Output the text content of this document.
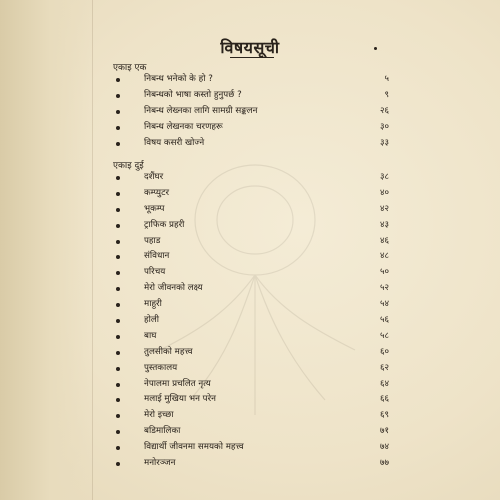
विषयसूची
एकाइ एक
निबन्ध भनेको के हो ?	५
निबन्धको भाषा कस्तो हुनुपर्छ ?	९
निबन्ध लेख्नका लागि सामग्री सङ्कलन	२६
निबन्ध लेखनका चरणहरू	३०
विषय कसरी खोज्ने	३३
एकाइ दुई
दशैंघर	३८
कम्प्युटर	४०
भूकम्प	४२
ट्राफिक प्रहरी	४३
पहाड	४६
संविधान	४८
परिचय	५०
मेरो जीवनको लक्ष्य	५२
माहुरी	५४
होली	५६
बाघ	५८
तुलसीको महत्त्व	६०
पुस्तकालय	६२
नेपालमा प्रचलित नृत्य	६४
मलाई मुखिया भन परेन	६६
मेरो इच्छा	६९
बडिमालिका	७१
विद्यार्थी जीवनमा समयको महत्त्व	७४
मनोरञ्जन	७७
